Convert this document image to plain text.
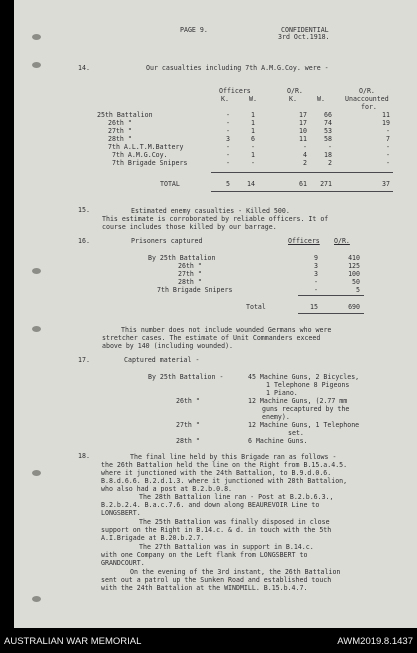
PAGE 9.	CONFIDENTIAL
3rd Oct.1918.
14.	Our casualties including 7th A.M.G.Coy. were -
Officers	O/R.	O/R.
K.	W.	K.	W.	Unaccounted
for.
25th Battalion	-	1	17	66	11
26th "	-	1	17	74	19
27th "	-	1	10	53	-
28th "	3	6	11	58	7
7th A.L.T.M.Battery	-	-	-	-	-
7th A.M.G.Coy.	-	1	4	18	-
7th Brigade Snipers	-	-	2	2	-
TOTAL	5	14	61	271	37
15.	Estimated enemy casualties - Killed 500.
This estimate is corroborated by reliable officers. It of
course includes those killed by our barrage.
16.	Prisoners captured	Officers O/R.
By 25th Battalion	9	410
26th "	3	125
27th "	3	100
28th "	-	50
7th Brigade Snipers	-	5
Total	15	690
This number does not include wounded Germans who were
stretcher cases. The estimate of Unit Commanders exceed
above by 140 (including wounded).
17.	Captured material -
By 25th Battalion -	45 Machine Guns, 2 Bicycles,
1 Telephone 8 Pigeons
1 Piano.
26th "	12 Machine Guns, (2.77 mm
guns recaptured by the
enemy).
27th "	12 Machine Guns, 1 Telephone
set.
28th "	6 Machine Guns.
18.	The final line held by this Brigade ran as follows -
the 26th Battalion held the line on the Right from B.15.a.4.5.
where it junctioned with the 24th Battalion, to B.9.d.0.6.
B.8.d.6.6. B.2.d.1.3. where it junctioned with 28th Battalion,
who also had a post at B.2.b.0.8.
The 28th Battalion line ran - Post at B.2.b.6.3.,
B.2.b.2.4. B.a.c.7.6. and down along BEAUREVOIR Line to
LONGSBERT.
The 25th Battalion was finally disposed in close
support on the Right in B.14.c. & d. in touch with the 5th
A.I.Brigade at B.20.b.2.7.
The 27th Battalion was in support in B.14.c.
with one Company on the Left flank from LONGSBERT to
GRANDCOURT.
On the evening of the 3rd instant, the 26th Battalion
sent out a patrol up the Sunken Road and established touch
with the 24th Battalion at the WINDMILL. B.15.b.4.7.
AUSTRALIAN WAR MEMORIAL	AWM2019.8.1437
